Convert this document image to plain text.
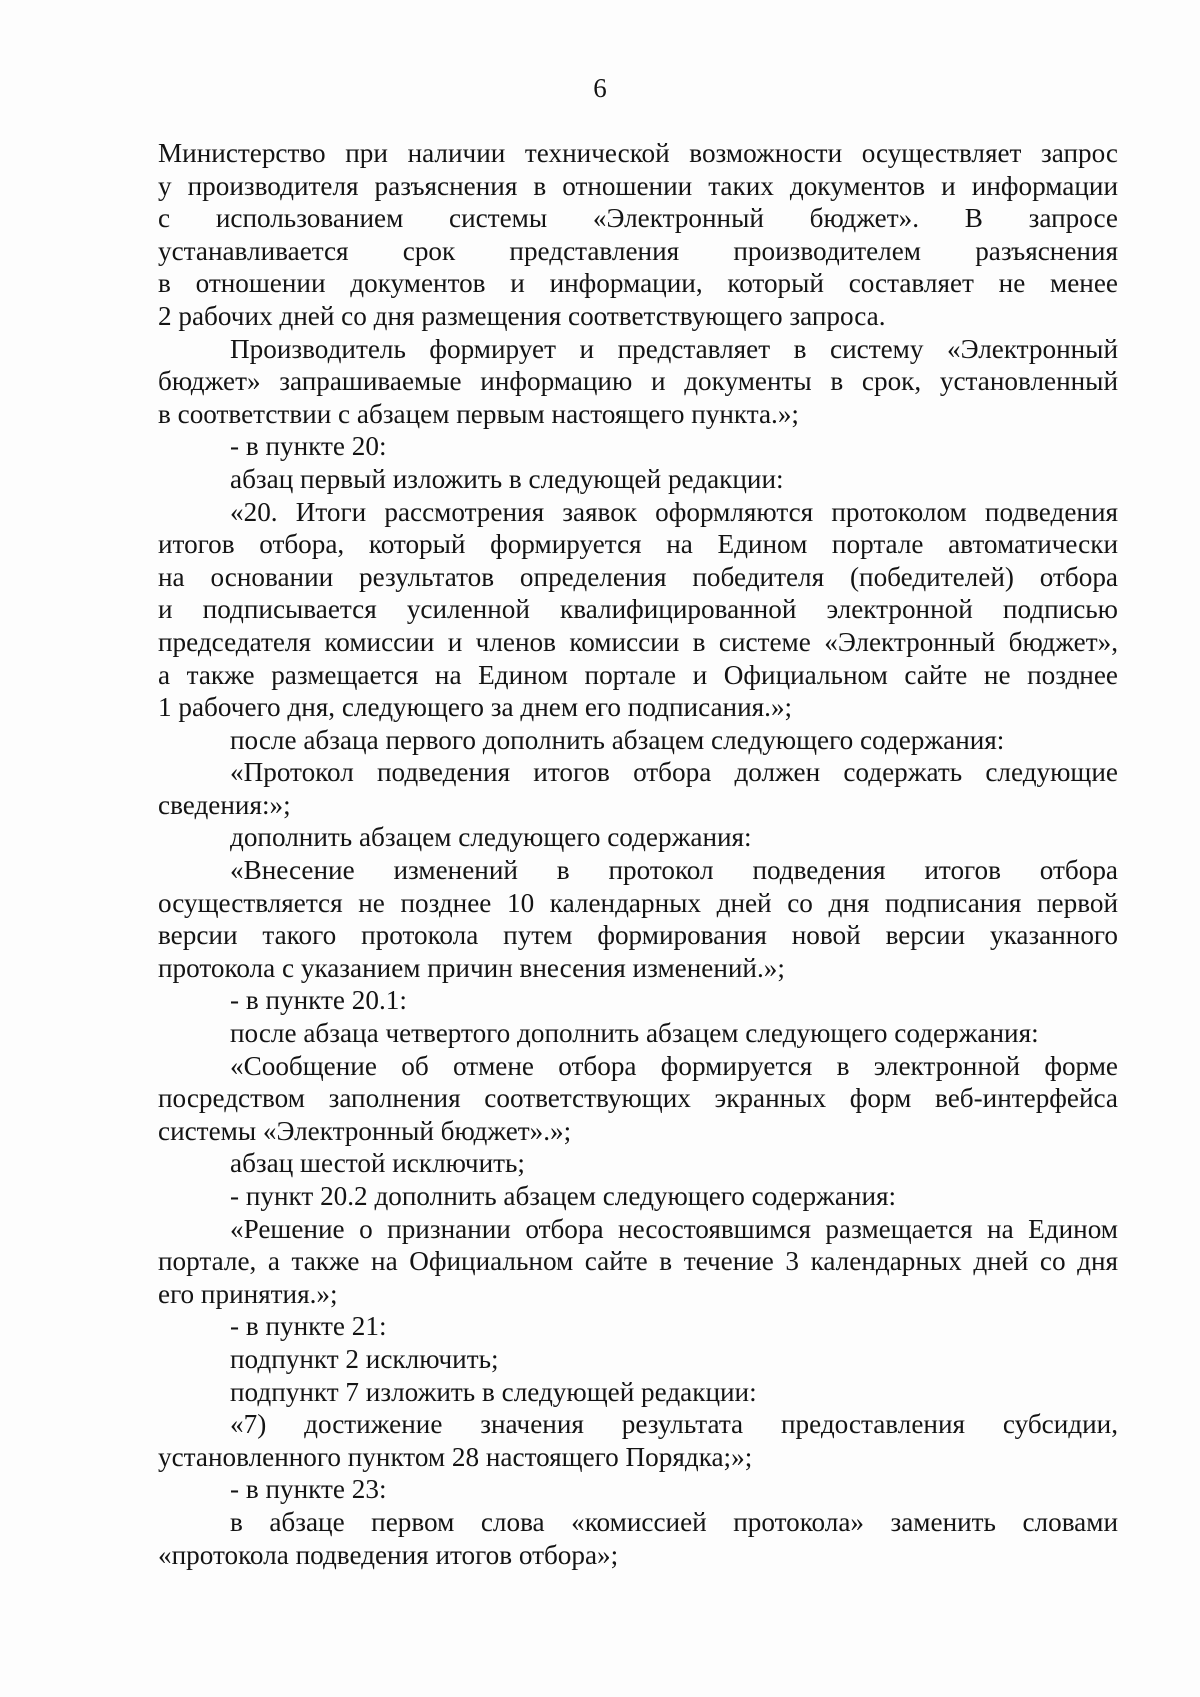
6
Министерство при наличии технической возможности осуществляет запрос
у производителя разъяснения в отношении таких документов и информации
с использованием системы «Электронный бюджет». В запросе
устанавливается срок представления производителем разъяснения
в отношении документов и информации, который составляет не менее
2 рабочих дней со дня размещения соответствующего запроса.
Производитель формирует и представляет в систему «Электронный
бюджет» запрашиваемые информацию и документы в срок, установленный
в соответствии с абзацем первым настоящего пункта.»;
- в пункте 20:
абзац первый изложить в следующей редакции:
«20. Итоги рассмотрения заявок оформляются протоколом подведения
итогов отбора, который формируется на Едином портале автоматически
на основании результатов определения победителя (победителей) отбора
и подписывается усиленной квалифицированной электронной подписью
председателя комиссии и членов комиссии в системе «Электронный бюджет»,
а также размещается на Едином портале и Официальном сайте не позднее
1 рабочего дня, следующего за днем его подписания.»;
после абзаца первого дополнить абзацем следующего содержания:
«Протокол подведения итогов отбора должен содержать следующие
сведения:»;
дополнить абзацем следующего содержания:
«Внесение изменений в протокол подведения итогов отбора
осуществляется не позднее 10 календарных дней со дня подписания первой
версии такого протокола путем формирования новой версии указанного
протокола с указанием причин внесения изменений.»;
- в пункте 20.1:
после абзаца четвертого дополнить абзацем следующего содержания:
«Сообщение об отмене отбора формируется в электронной форме
посредством заполнения соответствующих экранных форм веб-интерфейса
системы «Электронный бюджет».»;
абзац шестой исключить;
- пункт 20.2 дополнить абзацем следующего содержания:
«Решение о признании отбора несостоявшимся размещается на Едином
портале, а также на Официальном сайте в течение 3 календарных дней со дня
его принятия.»;
- в пункте 21:
подпункт 2 исключить;
подпункт 7 изложить в следующей редакции:
«7) достижение значения результата предоставления субсидии,
установленного пунктом 28 настоящего Порядка;»;
- в пункте 23:
в абзаце первом слова «комиссией протокола» заменить словами
«протокола подведения итогов отбора»;
